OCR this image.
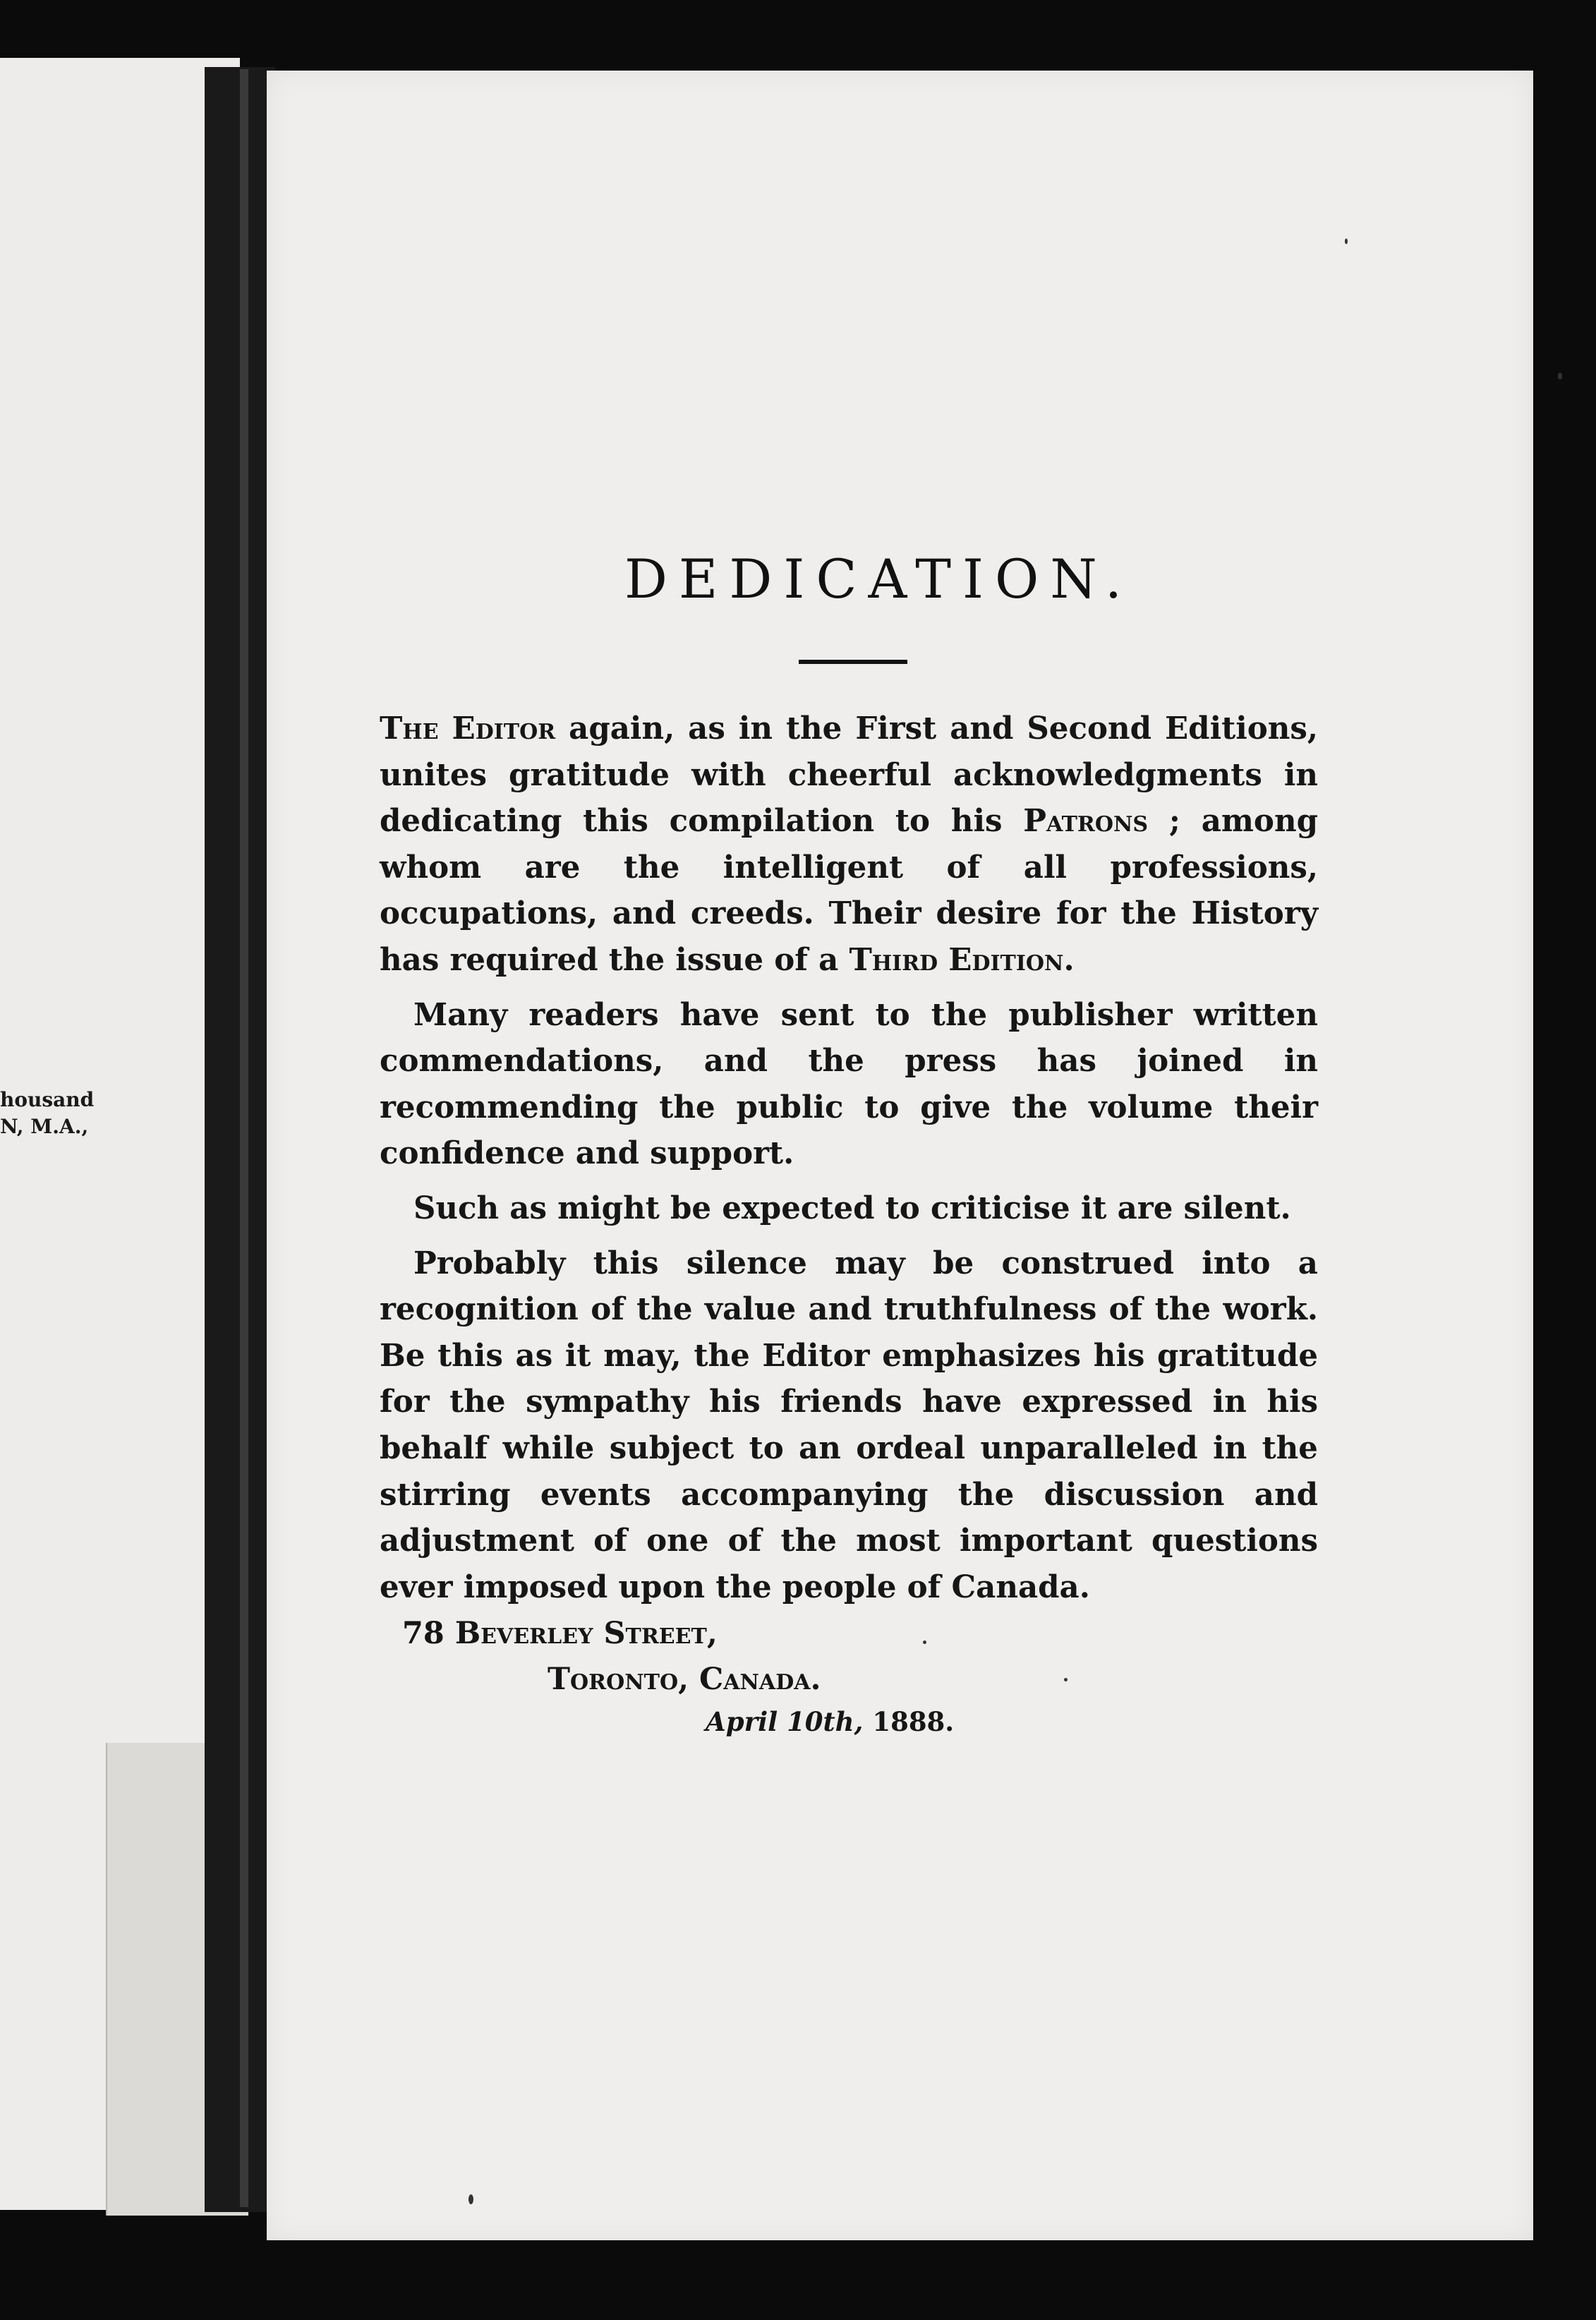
housand
N, M.A.,
DEDICATION.

The Editor again, as in the First and Second Editions, unites gratitude with cheerful acknowledgments in dedicating this compilation to his Patrons ; among whom are the intelligent of all professions, occupations, and creeds. Their desire for the History has required the issue of a Third Edition.

Many readers have sent to the publisher written commendations, and the press has joined in recommending the public to give the volume their confidence and support.

Such as might be expected to criticise it are silent.

Probably this silence may be construed into a recognition of the value and truthfulness of the work. Be this as it may, the Editor emphasizes his gratitude for the sympathy his friends have expressed in his behalf while subject to an ordeal unparalleled in the stirring events accompanying the discussion and adjustment of one of the most important questions ever imposed upon the people of Canada.

78 Beverley Street,
Toronto, Canada.
April 10th, 1888.
